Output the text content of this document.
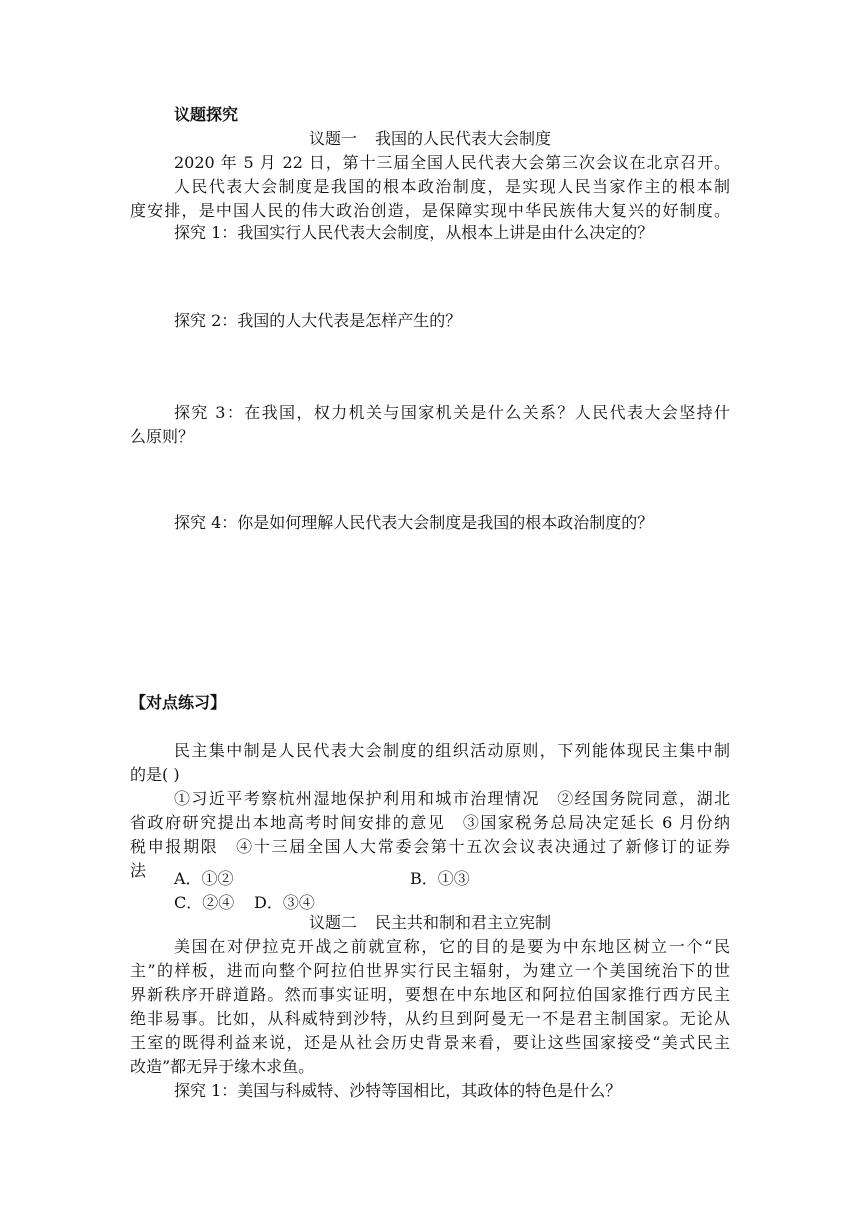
议题探究
议题一 我国的人民代表大会制度
2020 年 5 月 22 日，第十三届全国人民代表大会第三次会议在北京召开。
人民代表大会制度是我国的根本政治制度，是实现人民当家作主的根本制
度安排，是中国人民的伟大政治创造，是保障实现中华民族伟大复兴的好制度。
探究 1：我国实行人民代表大会制度，从根本上讲是由什么决定的？
探究 2：我国的人大代表是怎样产生的？
探究 3：在我国，权力机关与国家机关是什么关系？人民代表大会坚持什
么原则？
探究 4：你是如何理解人民代表大会制度是我国的根本政治制度的？
【对点练习】
民主集中制是人民代表大会制度的组织活动原则，下列能体现民主集中制
的是( )
①习近平考察杭州湿地保护利用和城市治理情况　②经国务院同意，湖北
省政府研究提出本地高考时间安排的意见　③国家税务总局决定延长 6 月份纳
税申报期限　④十三届全国人大常委会第十五次会议表决通过了新修订的证券
法 A．①②	B．①③
C．②④ D．③④
议题二 民主共和制和君主立宪制
美国在对伊拉克开战之前就宣称，它的目的是要为中东地区树立一个“民
主”的样板，进而向整个阿拉伯世界实行民主辐射，为建立一个美国统治下的世
界新秩序开辟道路。然而事实证明，要想在中东地区和阿拉伯国家推行西方民主
绝非易事。比如，从科威特到沙特，从约旦到阿曼无一不是君主制国家。无论从
王室的既得利益来说，还是从社会历史背景来看，要让这些国家接受“美式民主
改造”都无异于缘木求鱼。
探究 1：美国与科威特、沙特等国相比，其政体的特色是什么？
